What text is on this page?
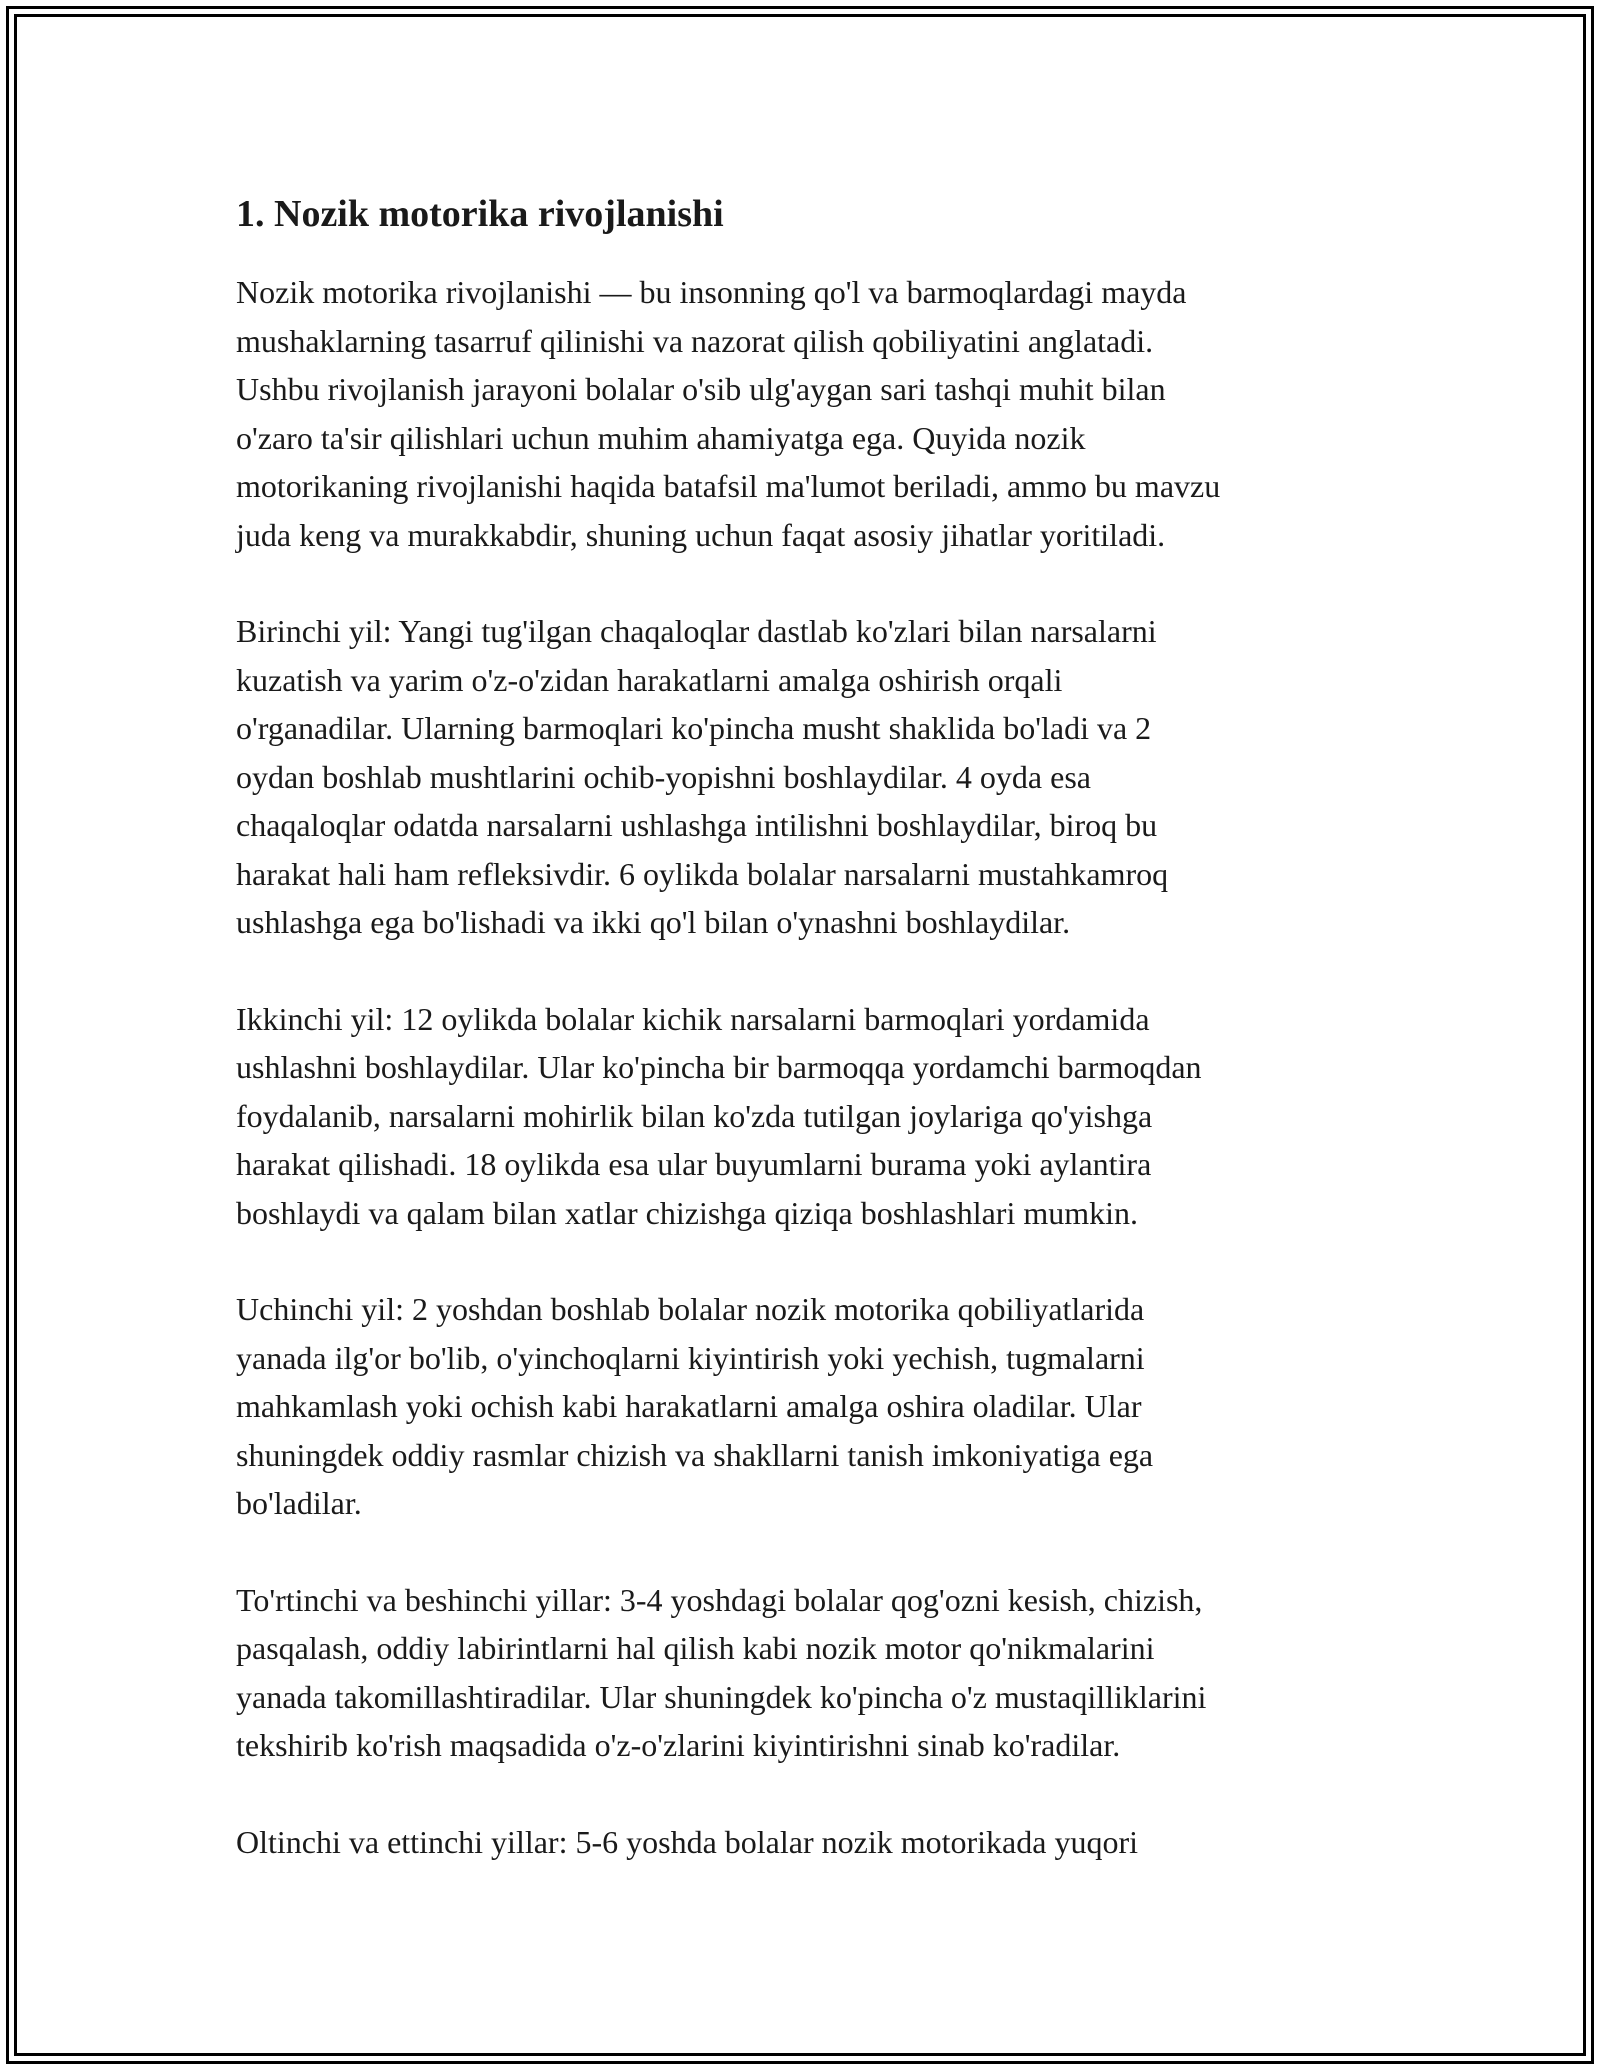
1. Nozik motorika rivojlanishi

Nozik motorika rivojlanishi — bu insonning qo'l va barmoqlardagi mayda
mushaklarning tasarruf qilinishi va nazorat qilish qobiliyatini anglatadi.
Ushbu rivojlanish jarayoni bolalar o'sib ulg'aygan sari tashqi muhit bilan
o'zaro ta'sir qilishlari uchun muhim ahamiyatga ega. Quyida nozik
motorikaning rivojlanishi haqida batafsil ma'lumot beriladi, ammo bu mavzu
juda keng va murakkabdir, shuning uchun faqat asosiy jihatlar yoritiladi.

Birinchi yil: Yangi tug'ilgan chaqaloqlar dastlab ko'zlari bilan narsalarni
kuzatish va yarim o'z-o'zidan harakatlarni amalga oshirish orqali
o'rganadilar. Ularning barmoqlari ko'pincha musht shaklida bo'ladi va 2
oydan boshlab mushtlarini ochib-yopishni boshlaydilar. 4 oyda esa
chaqaloqlar odatda narsalarni ushlashga intilishni boshlaydilar, biroq bu
harakat hali ham refleksivdir. 6 oylikda bolalar narsalarni mustahkamroq
ushlashga ega bo'lishadi va ikki qo'l bilan o'ynashni boshlaydilar.

Ikkinchi yil: 12 oylikda bolalar kichik narsalarni barmoqlari yordamida
ushlashni boshlaydilar. Ular ko'pincha bir barmoqqa yordamchi barmoqdan
foydalanib, narsalarni mohirlik bilan ko'zda tutilgan joylariga qo'yishga
harakat qilishadi. 18 oylikda esa ular buyumlarni burama yoki aylantira
boshlaydi va qalam bilan xatlar chizishga qiziqa boshlashlari mumkin.

Uchinchi yil: 2 yoshdan boshlab bolalar nozik motorika qobiliyatlarida
yanada ilg'or bo'lib, o'yinchoqlarni kiyintirish yoki yechish, tugmalarni
mahkamlash yoki ochish kabi harakatlarni amalga oshira oladilar. Ular
shuningdek oddiy rasmlar chizish va shakllarni tanish imkoniyatiga ega
bo'ladilar.

To'rtinchi va beshinchi yillar: 3-4 yoshdagi bolalar qog'ozni kesish, chizish,
pasqalash, oddiy labirintlarni hal qilish kabi nozik motor qo'nikmalarini
yanada takomillashtiradilar. Ular shuningdek ko'pincha o'z mustaqilliklarini
tekshirib ko'rish maqsadida o'z-o'zlarini kiyintirishni sinab ko'radilar.

Oltinchi va ettinchi yillar: 5-6 yoshda bolalar nozik motorikada yuqori
